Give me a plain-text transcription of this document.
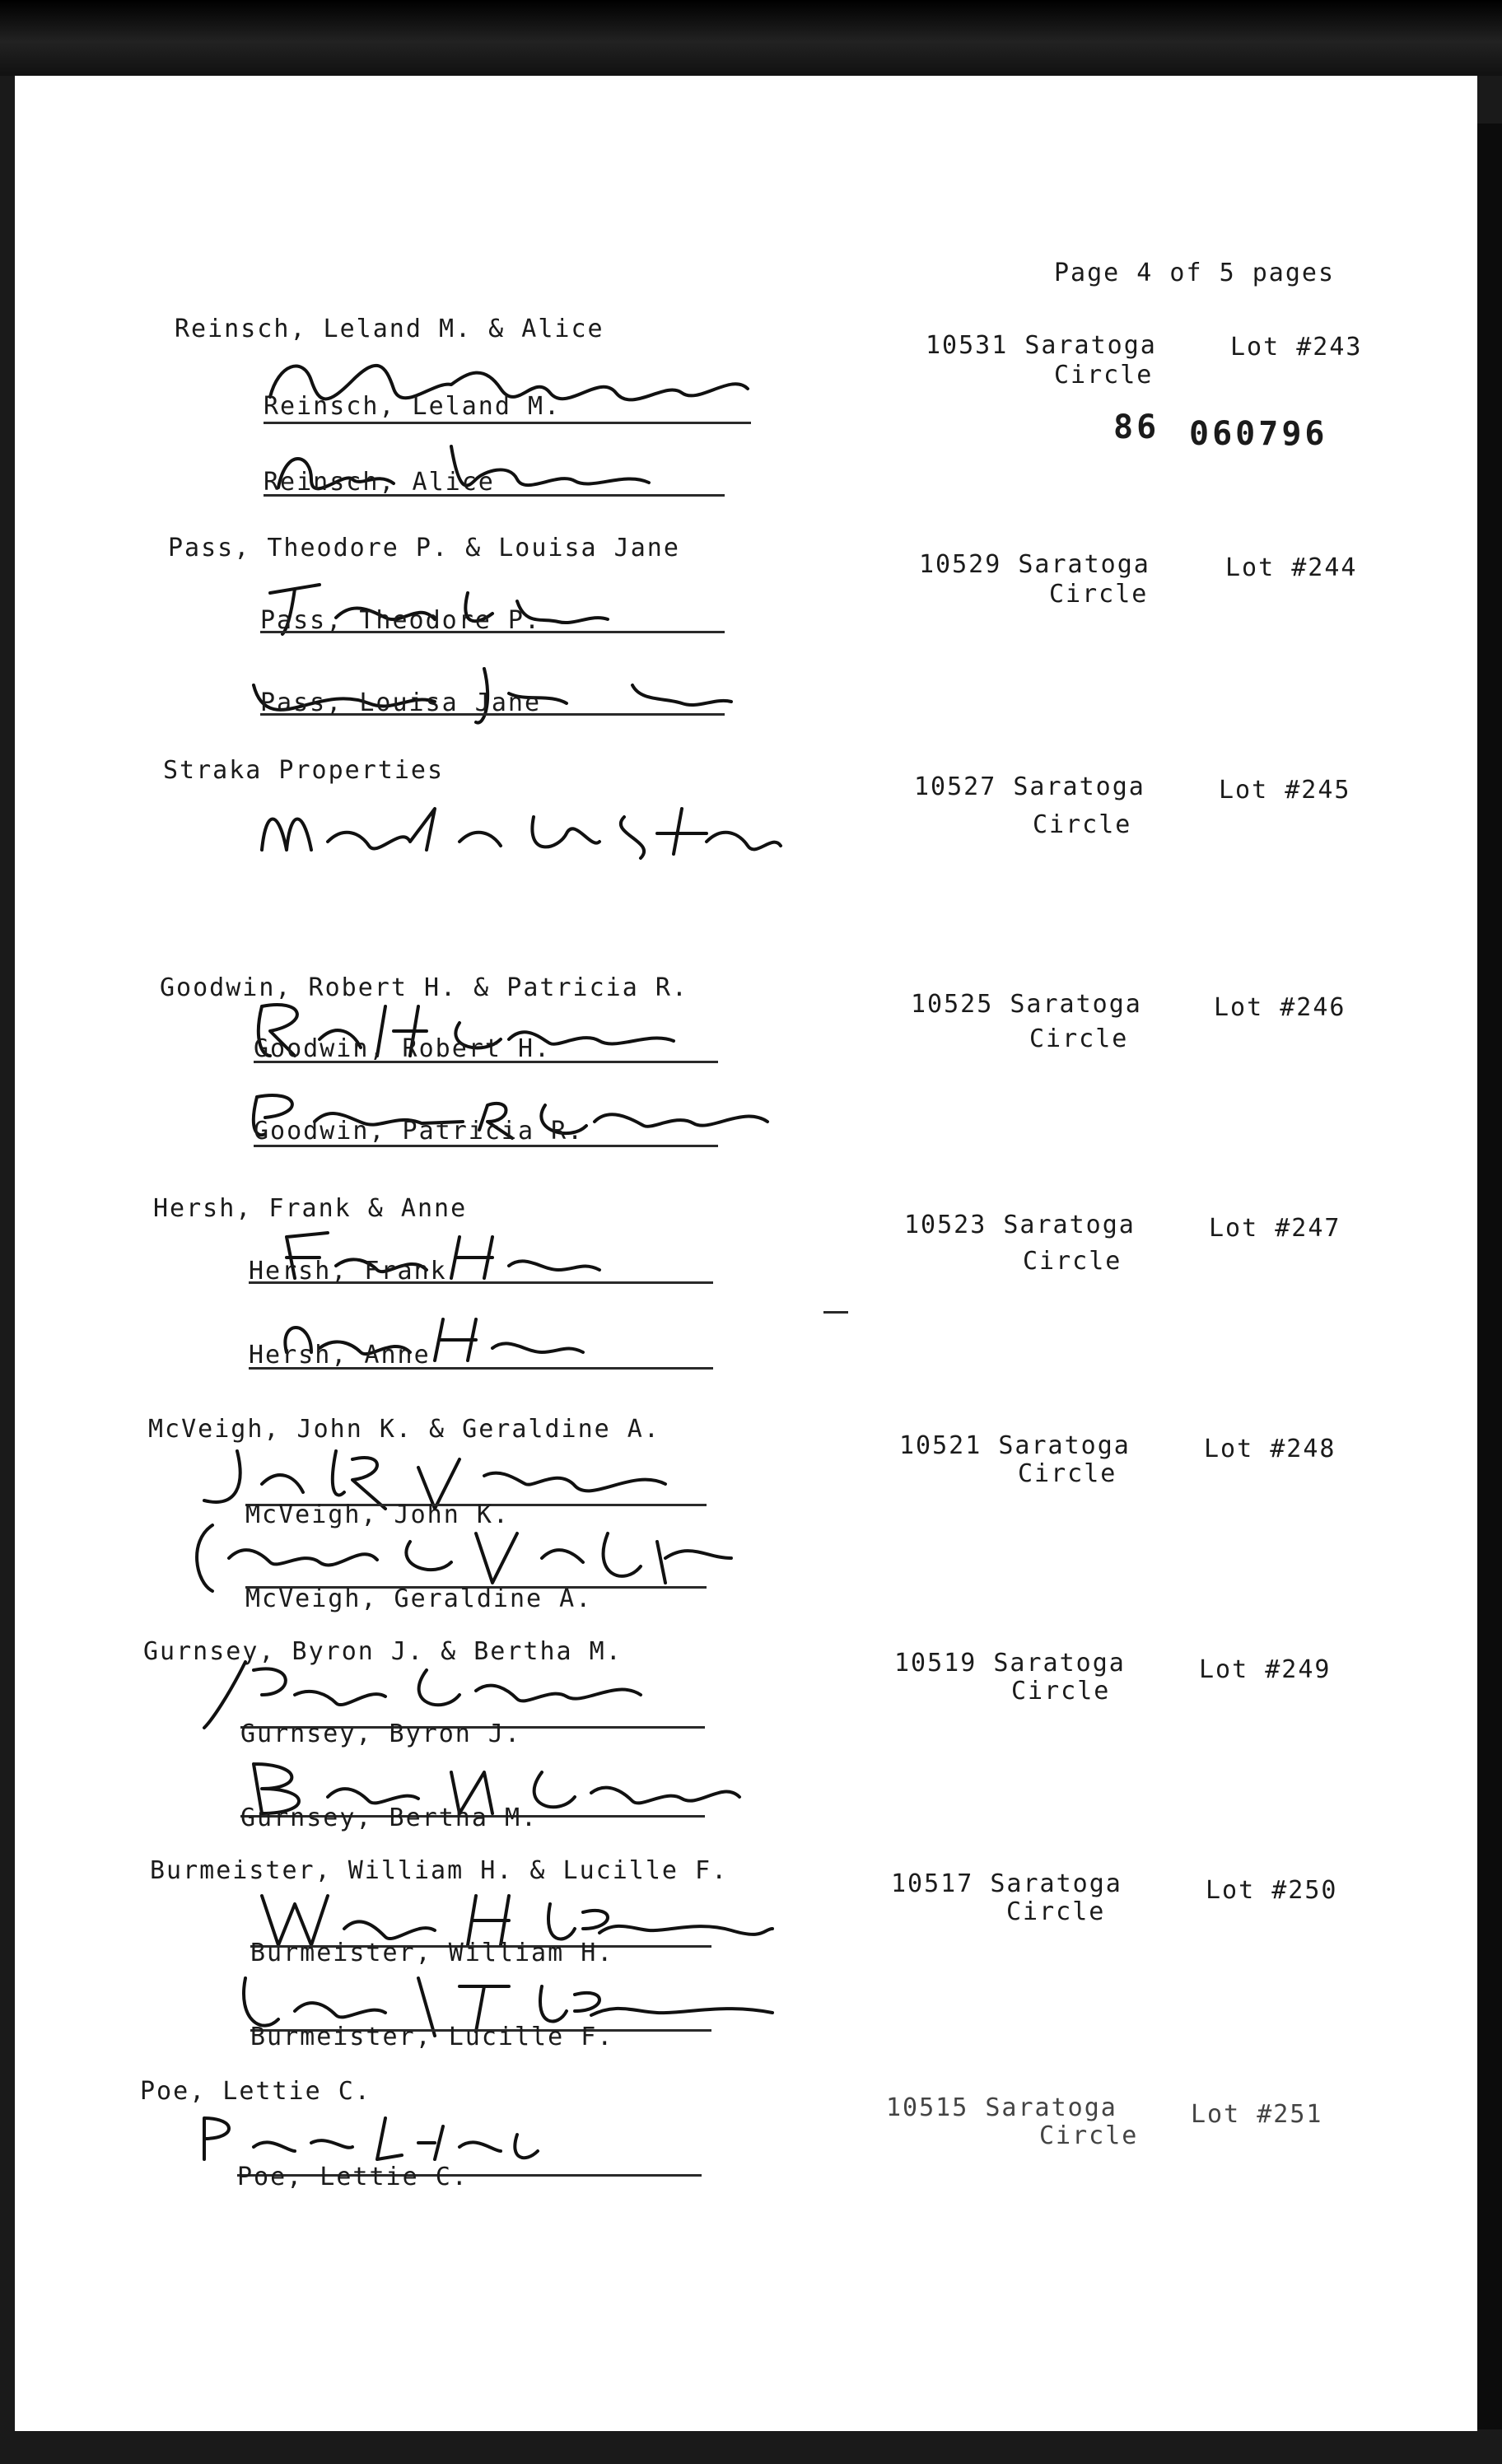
Page 4 of 5 pages
Reinsch, Leland M. & Alice
10531 Saratoga
Circle
Lot #243
86 060796
Reinsch, Leland M.
Reinsch, Alice
Pass, Theodore P. & Louisa Jane
10529 Saratoga
Circle
Lot #244
Pass, Theodore P.
Pass, Louisa Jane
Straka Properties
10527 Saratoga
Circle
Lot #245
Goodwin, Robert H. & Patricia R.
10525 Saratoga
Circle
Lot #246
Goodwin, Robert H.
Goodwin, Patricia R.
Hersh, Frank & Anne
10523 Saratoga
Circle
Lot #247
Hersh, Frank
Hersh, Anne
McVeigh, John K. & Geraldine A.
10521 Saratoga
Circle
Lot #248
McVeigh, John K.
McVeigh, Geraldine A.
Gurnsey, Byron J. & Bertha M.	10519 Saratoga
Circle
Lot #249
Gurnsey, Byron J.
Gurnsey, Bertha M.
Burmeister, William H. & Lucille F.	10517 Saratoga
Circle
Lot #250
Burmeister, William H.
Burmeister, Lucille F.
Poe, Lettie C.
10515 Saratoga
Circle
Lot #251
Poe, Lettie C.
